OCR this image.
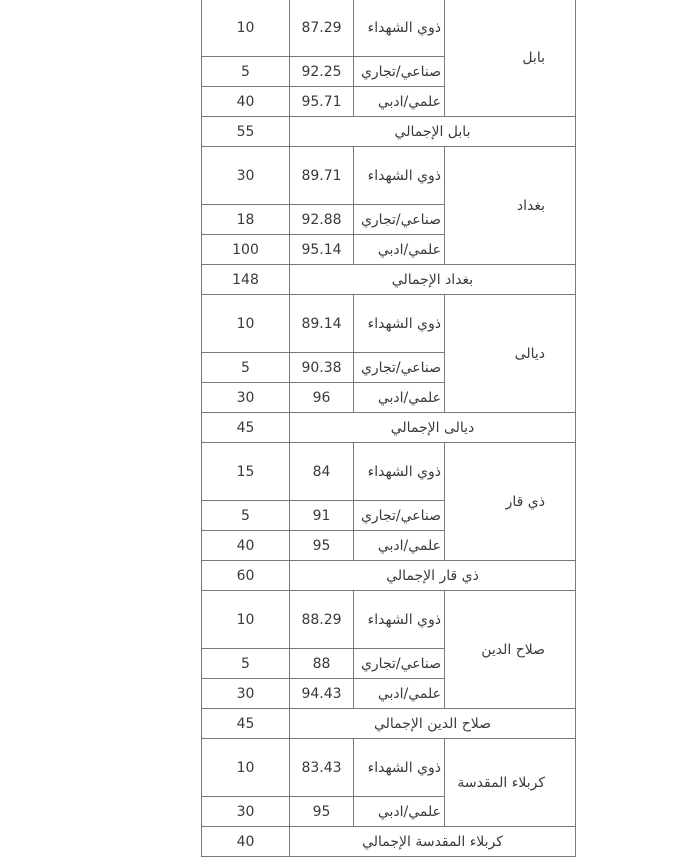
10	87.29	ذوي الشهداء	بابل
5	92.25	صناعي/تجاري	
40	95.71	علمي/ادبي	
55	بابل الإجمالي		
30	89.71	ذوي الشهداء	بغداد
18	92.88	صناعي/تجاري	
100	95.14	علمي/ادبي	
148	بغداد الإجمالي		
10	89.14	ذوي الشهداء	ديالى
5	90.38	صناعي/تجاري	
30	96	علمي/ادبي	
45	ديالى الإجمالي		
15	84	ذوي الشهداء	ذي قار
5	91	صناعي/تجاري	
40	95	علمي/ادبي	
60	ذي قار الإجمالي		
10	88.29	ذوي الشهداء	صلاح الدين
5	88	صناعي/تجاري	
30	94.43	علمي/ادبي	
45	صلاح الدين الإجمالي		
10	83.43	ذوي الشهداء	كربلاء المقدسة
30	95	علمي/ادبي	
40	كربلاء المقدسة الإجمالي		
